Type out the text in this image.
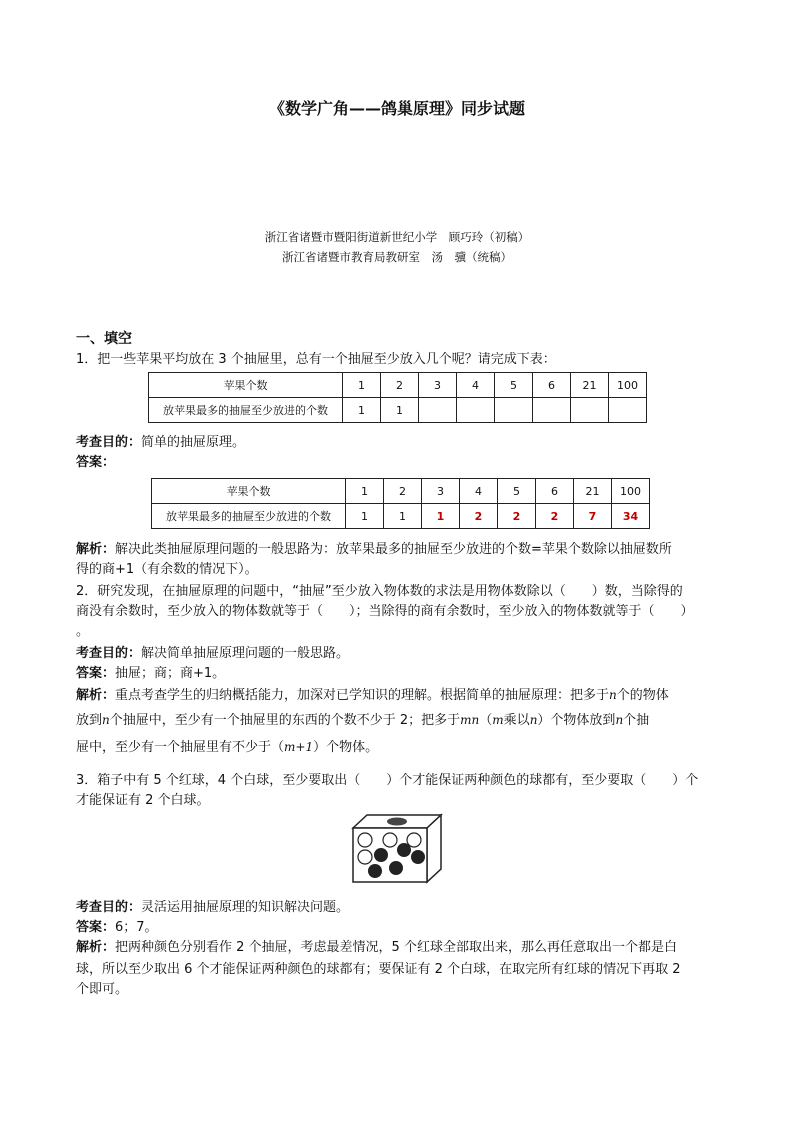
《数学广角——鸽巢原理》同步试题
浙江省诸暨市暨阳街道新世纪小学　顾巧玲（初稿）
浙江省诸暨市教育局教研室　汤　骥（统稿）
一、填空
1．把一些苹果平均放在 3 个抽屉里，总有一个抽屉至少放入几个呢？请完成下表：
苹果个数	1	2	3	4	5	6	21	100
放苹果最多的抽屉至少放进的个数	1	1						
考查目的：简单的抽屉原理。
答案：
苹果个数	1	2	3	4	5	6	21	100
放苹果最多的抽屉至少放进的个数	1	1	1	2	2	2	7	34
解析：解决此类抽屉原理问题的一般思路为：放苹果最多的抽屉至少放进的个数=苹果个数除以抽屉数所
得的商+1（有余数的情况下）。
2．研究发现，在抽屉原理的问题中，“抽屉”至少放入物体数的求法是用物体数除以（　　）数，当除得的
商没有余数时，至少放入的物体数就等于（　　）；当除得的商有余数时，至少放入的物体数就等于（　　）
。
考查目的：解决简单抽屉原理问题的一般思路。
答案：抽屉；商；商+1。
解析：重点考查学生的归纳概括能力，加深对已学知识的理解。根据简单的抽屉原理：把多于n个的物体
放到n个抽屉中，至少有一个抽屉里的东西的个数不少于 2；把多于mn（m乘以n）个物体放到n个抽
屉中，至少有一个抽屉里有不少于（m+1）个物体。
3．箱子中有 5 个红球，4 个白球，至少要取出（　　）个才能保证两种颜色的球都有，至少要取（　　）个
才能保证有 2 个白球。
考查目的：灵活运用抽屉原理的知识解决问题。
答案：6；7。
解析：把两种颜色分别看作 2 个抽屉，考虑最差情况，5 个红球全部取出来，那么再任意取出一个都是白
球，所以至少取出 6 个才能保证两种颜色的球都有；要保证有 2 个白球，在取完所有红球的情况下再取 2
个即可。
